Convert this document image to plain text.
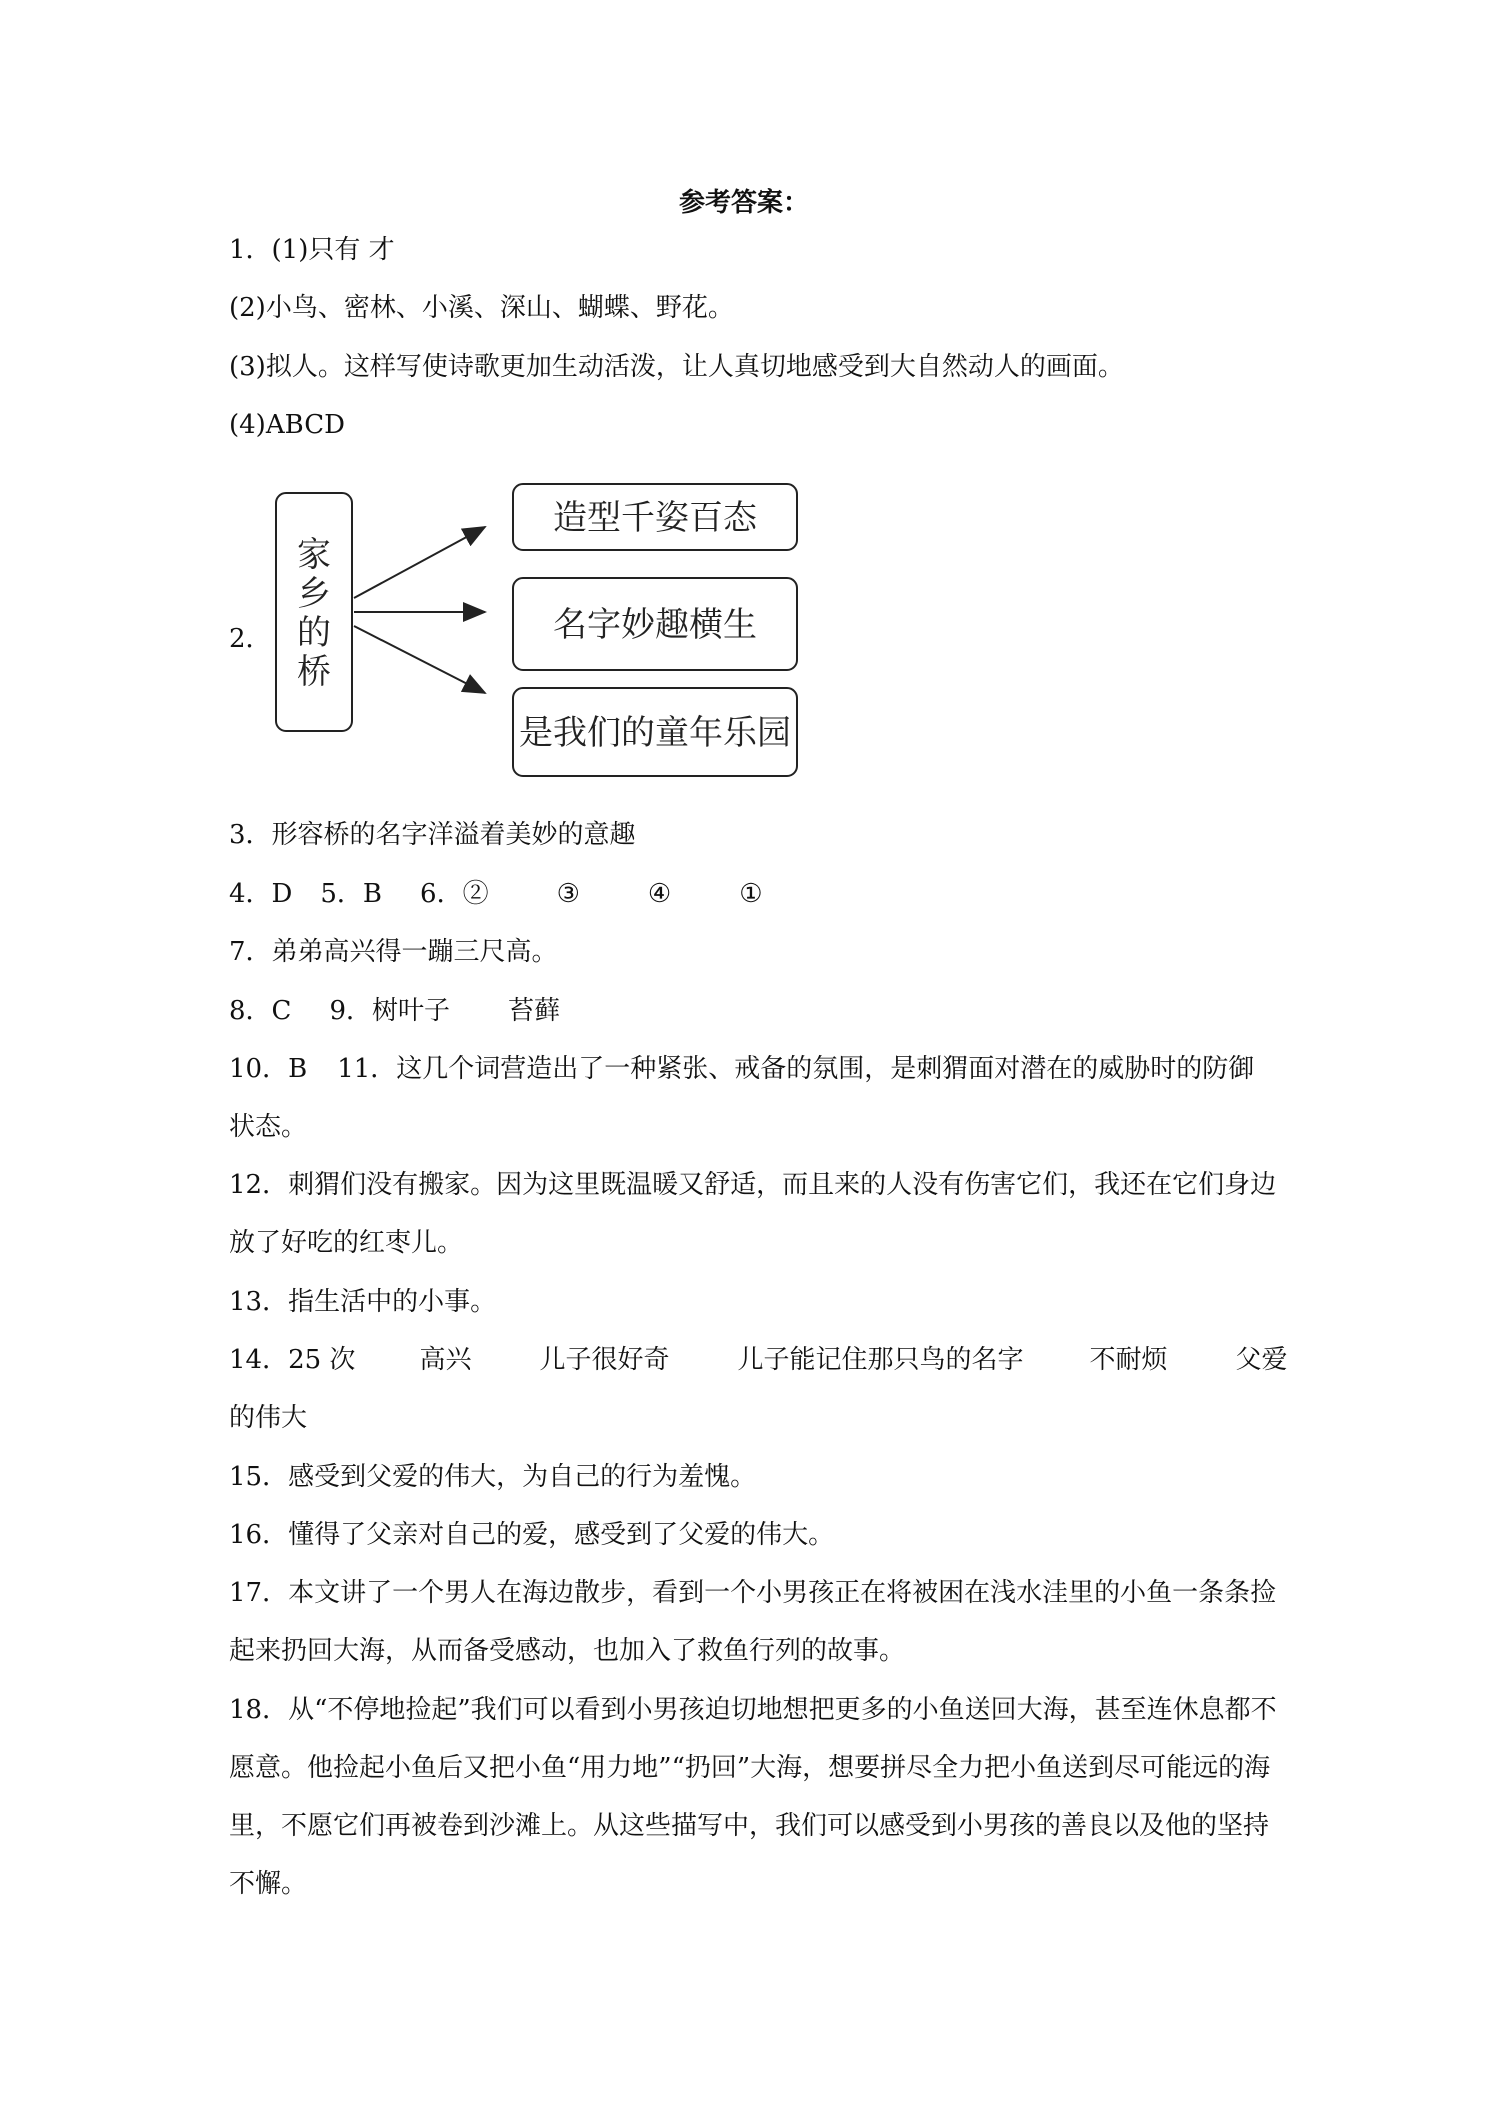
参考答案：
1．(1)只有 才
(2)小鸟、密林、小溪、深山、蝴蝶、野花。
(3)拟人。这样写使诗歌更加生动活泼，让人真切地感受到大自然动人的画面。
(4)ABCD
2．
家
乡
的
桥
造型千姿百态
名字妙趣横生
是我们的童年乐园
3．形容桥的名字洋溢着美妙的意趣
4．D 5．B 6．②	③	④	①
7．弟弟高兴得一蹦三尺高。
8．C 9．树叶子 苔藓
10．B 11．这几个词营造出了一种紧张、戒备的氛围，是刺猬面对潜在的威胁时的防御
状态。
12．刺猬们没有搬家。因为这里既温暖又舒适，而且来的人没有伤害它们，我还在它们身边
放了好吃的红枣儿。
13．指生活中的小事。
14．25 次 高兴	儿子很好奇	儿子能记住那只鸟的名字	不耐烦	父爱
的伟大
15．感受到父爱的伟大，为自己的行为羞愧。
16．懂得了父亲对自己的爱，感受到了父爱的伟大。
17．本文讲了一个男人在海边散步，看到一个小男孩正在将被困在浅水洼里的小鱼一条条捡
起来扔回大海，从而备受感动，也加入了救鱼行列的故事。
18．从“不停地捡起”我们可以看到小男孩迫切地想把更多的小鱼送回大海，甚至连休息都不
愿意。他捡起小鱼后又把小鱼“用力地”“扔回”大海，想要拼尽全力把小鱼送到尽可能远的海
里，不愿它们再被卷到沙滩上。从这些描写中，我们可以感受到小男孩的善良以及他的坚持
不懈。
